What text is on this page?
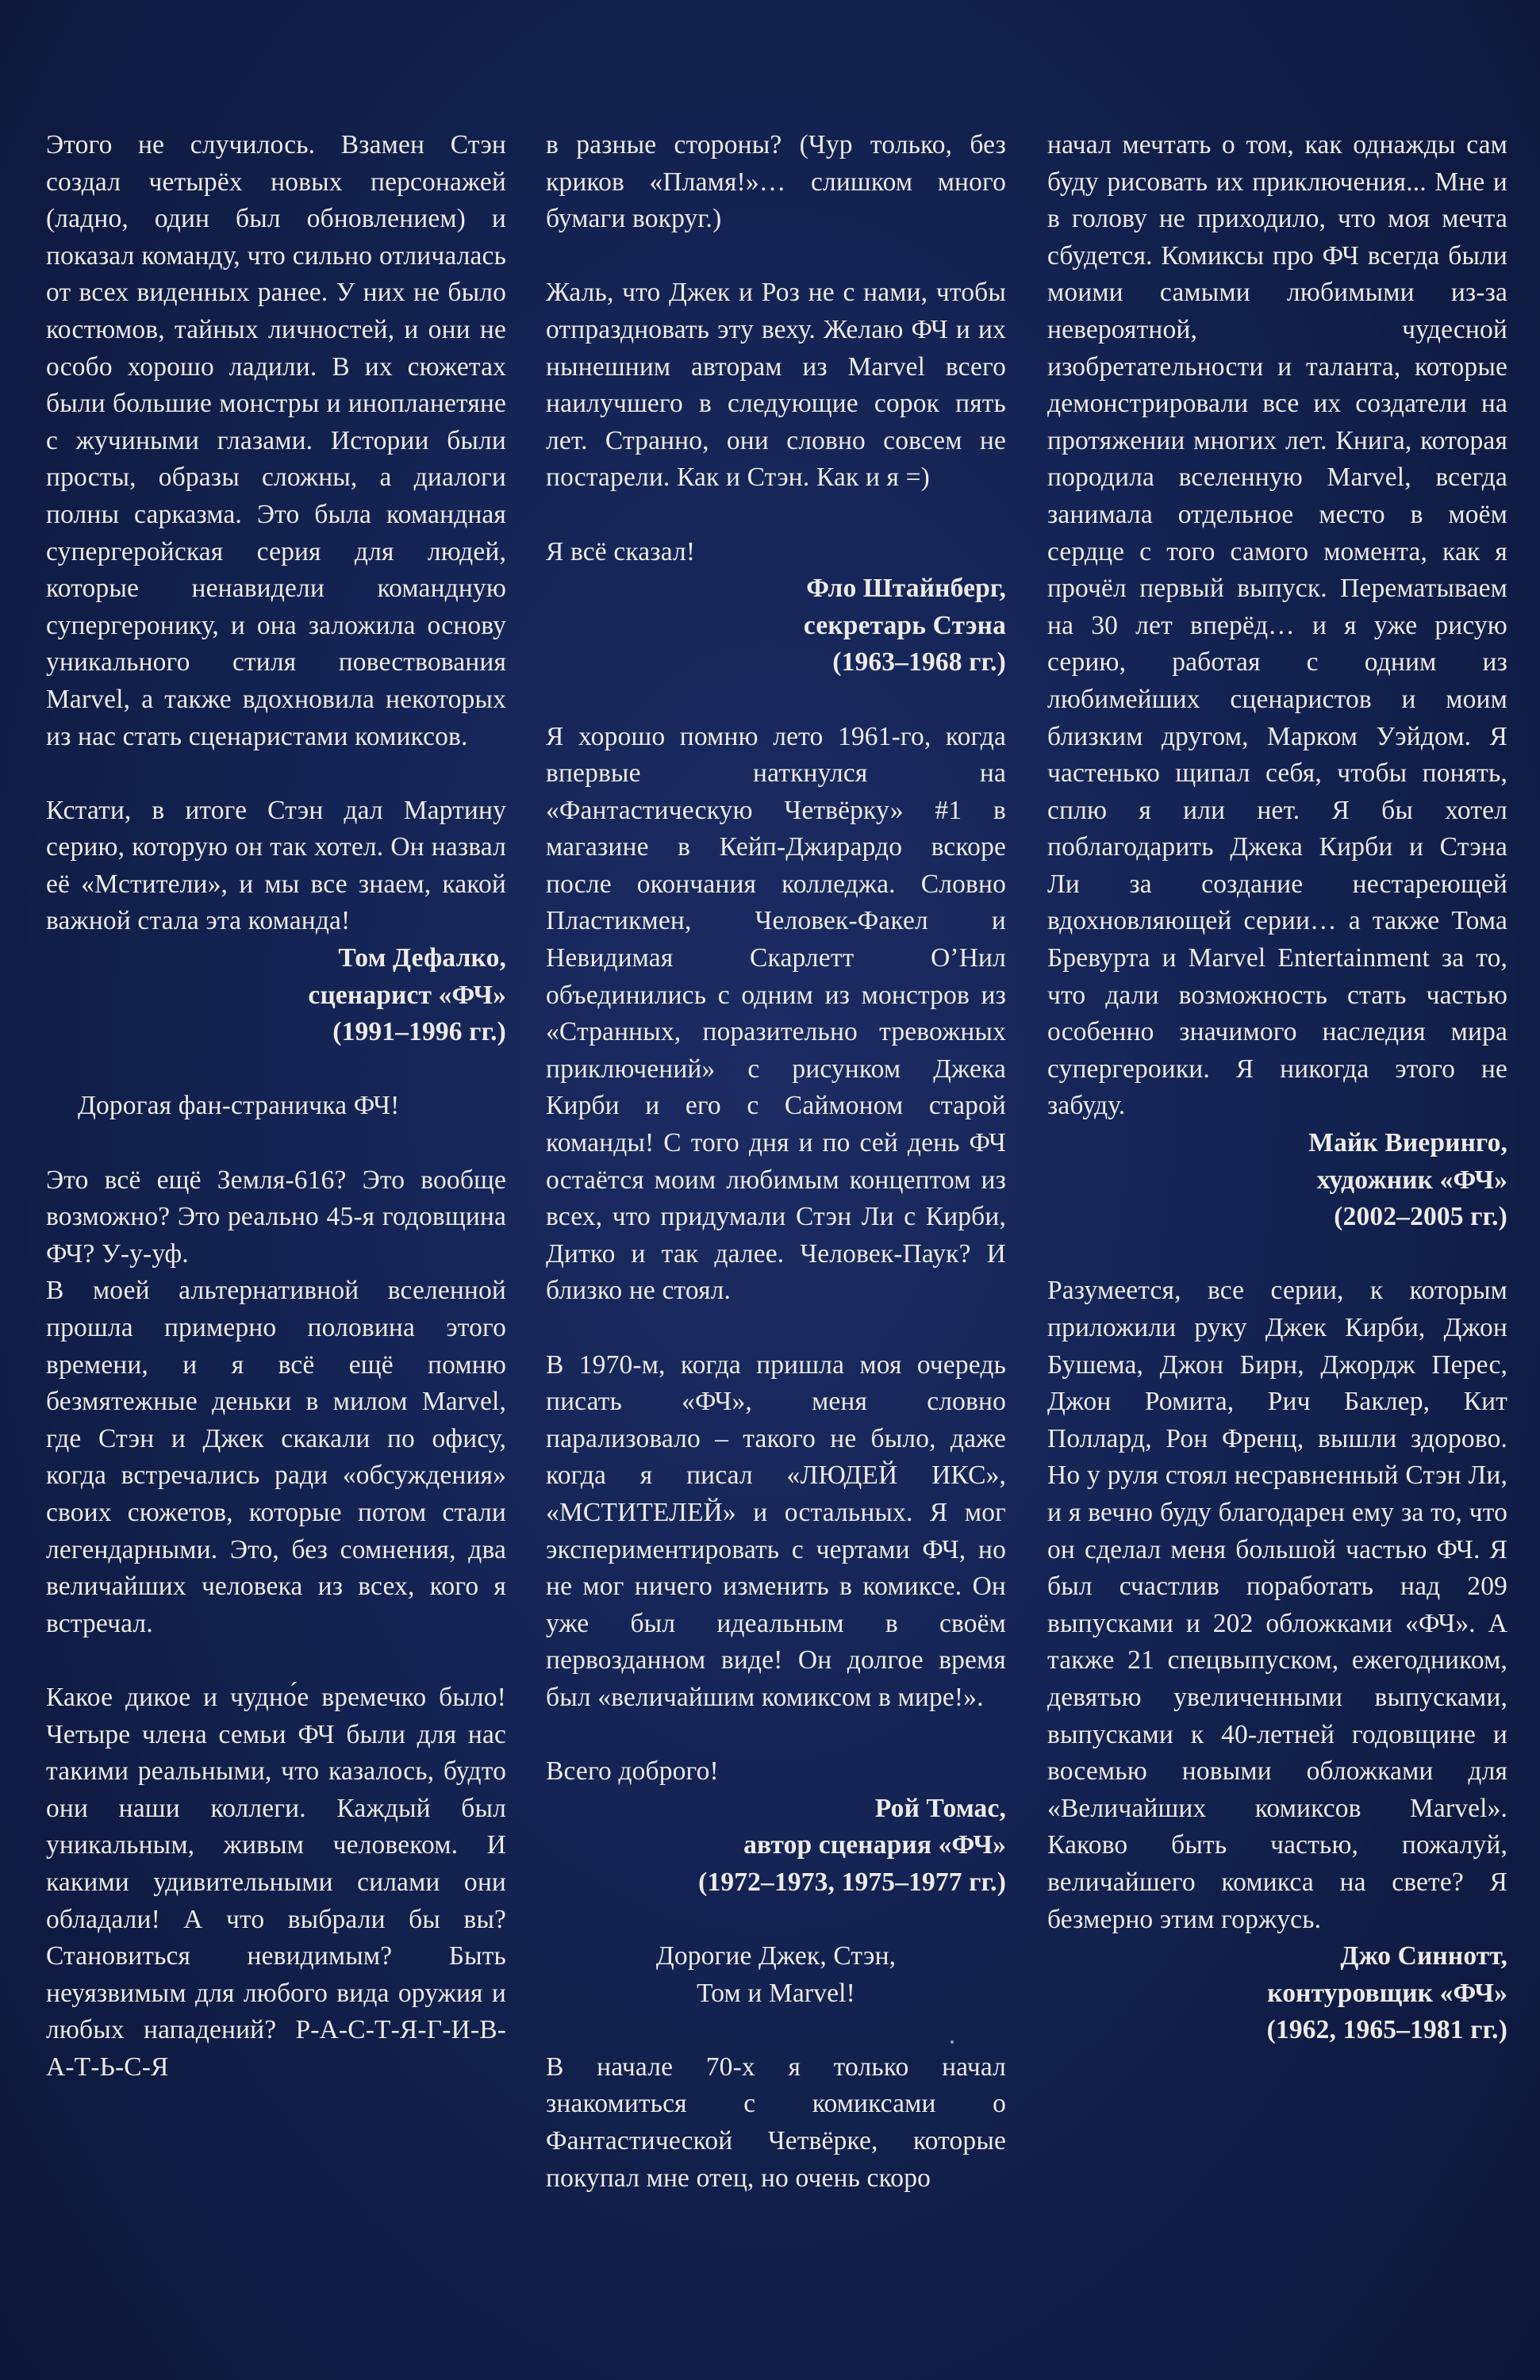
Этого не случилось. Взамен Стэн создал четырёх новых персонажей (ладно, один был обновлением) и показал команду, что сильно отличалась от всех виденных ранее. У них не было костюмов, тайных личностей, и они не особо хорошо ладили. В их сюжетах были большие монстры и инопланетяне с жучиными глазами. Истории были просты, образы сложны, а диалоги полны сарказма. Это была командная супергеройская серия для людей, которые ненавидели командную супергеронику, и она заложила основу уникального стиля повествования Marvel, а также вдохновила некоторых из нас стать сценаристами комиксов.

Кстати, в итоге Стэн дал Мартину серию, которую он так хотел. Он назвал её «Мстители», и мы все знаем, какой важной стала эта команда!

Том Дефалко,

сценарист «ФЧ»

(1991–1996 гг.)

Дорогая фан-страничка ФЧ!

Это всё ещё Земля-616? Это вообще возможно? Это реально 45-я годовщина ФЧ? У-у-уф.

В моей альтернативной вселенной прошла примерно половина этого времени, и я всё ещё помню безмятежные деньки в милом Marvel, где Стэн и Джек скакали по офису, когда встречались ради «обсуждения» своих сюжетов, которые потом стали легендарными. Это, без сомнения, два величайших человека из всех, кого я встречал.

Какое дикое и чудно́е времечко было! Четыре члена семьи ФЧ были для нас такими реальными, что казалось, будто они наши коллеги. Каждый был уникальным, живым человеком. И какими удивительными силами они обладали! А что выбрали бы вы? Становиться невидимым? Быть неуязвимым для любого вида оружия и любых нападений? Р-А-С-Т-Я-Г-И-В-А-Т-Ь-С-Я

в разные стороны? (Чур только, без криков «Пламя!»… слишком много бумаги вокруг.)

Жаль, что Джек и Роз не с нами, чтобы отпраздновать эту веху. Желаю ФЧ и их нынешним авторам из Marvel всего наилучшего в следующие сорок пять лет. Странно, они словно совсем не постарели. Как и Стэн. Как и я =)

Я всё сказал!

Фло Штайнберг,

секретарь Стэна

(1963–1968 гг.)

Я хорошо помню лето 1961-го, когда впервые наткнулся на «Фантастическую Четвёрку» #1 в магазине в Кейп-Джирардо вскоре после окончания колледжа. Словно Пластикмен, Человек-Факел и Невидимая Скарлетт О’Нил объединились с одним из монстров из «Странных, поразительно тревожных приключений» с рисунком Джека Кирби и его с Саймоном старой команды! С того дня и по сей день ФЧ остаётся моим любимым концептом из всех, что придумали Стэн Ли с Кирби, Дитко и так далее. Человек-Паук? И близко не стоял.

В 1970-м, когда пришла моя очередь писать «ФЧ», меня словно парализовало – такого не было, даже когда я писал «ЛЮДЕЙ ИКС», «МСТИТЕЛЕЙ» и остальных. Я мог экспериментировать с чертами ФЧ, но не мог ничего изменить в комиксе. Он уже был идеальным в своём первозданном виде! Он долгое время был «величайшим комиксом в мире!».

Всего доброго!

Рой Томас,

автор сценария «ФЧ»

(1972–1973, 1975–1977 гг.)

Дорогие Джек, Стэн,

Том и Marvel!

В начале 70-х я только начал знакомиться с комиксами о Фантастической Четвёрке, которые покупал мне отец, но очень скоро

начал мечтать о том, как однажды сам буду рисовать их приключения... Мне и в голову не приходило, что моя мечта сбудется. Комиксы про ФЧ всегда были моими самыми любимыми из-за невероятной, чудесной изобретательности и таланта, которые демонстрировали все их создатели на протяжении многих лет. Книга, которая породила вселенную Marvel, всегда занимала отдельное место в моём сердце с того самого момента, как я прочёл первый выпуск. Перематываем на 30 лет вперёд… и я уже рисую серию, работая с одним из любимейших сценаристов и моим близким другом, Марком Уэйдом. Я частенько щипал себя, чтобы понять, сплю я или нет. Я бы хотел поблагодарить Джека Кирби и Стэна Ли за создание нестареющей вдохновляющей серии… а также Тома Бревурта и Marvel Entertainment за то, что дали возможность стать частью особенно значимого наследия мира супергероики. Я никогда этого не забуду.

Майк Виеринго,

художник «ФЧ»

(2002–2005 гг.)

Разумеется, все серии, к которым приложили руку Джек Кирби, Джон Бушема, Джон Бирн, Джордж Перес, Джон Ромита, Рич Баклер, Кит Поллард, Рон Френц, вышли здорово. Но у руля стоял несравненный Стэн Ли, и я вечно буду благодарен ему за то, что он сделал меня большой частью ФЧ. Я был счастлив поработать над 209 выпусками и 202 обложками «ФЧ». А также 21 спецвыпуском, ежегодником, девятью увеличенными выпусками, выпусками к 40-летней годовщине и восемью новыми обложками для «Величайших комиксов Marvel». Каково быть частью, пожалуй, величайшего комикса на свете? Я безмерно этим горжусь.

Джо Синнотт,

контуровщик «ФЧ»

(1962, 1965–1981 гг.)
